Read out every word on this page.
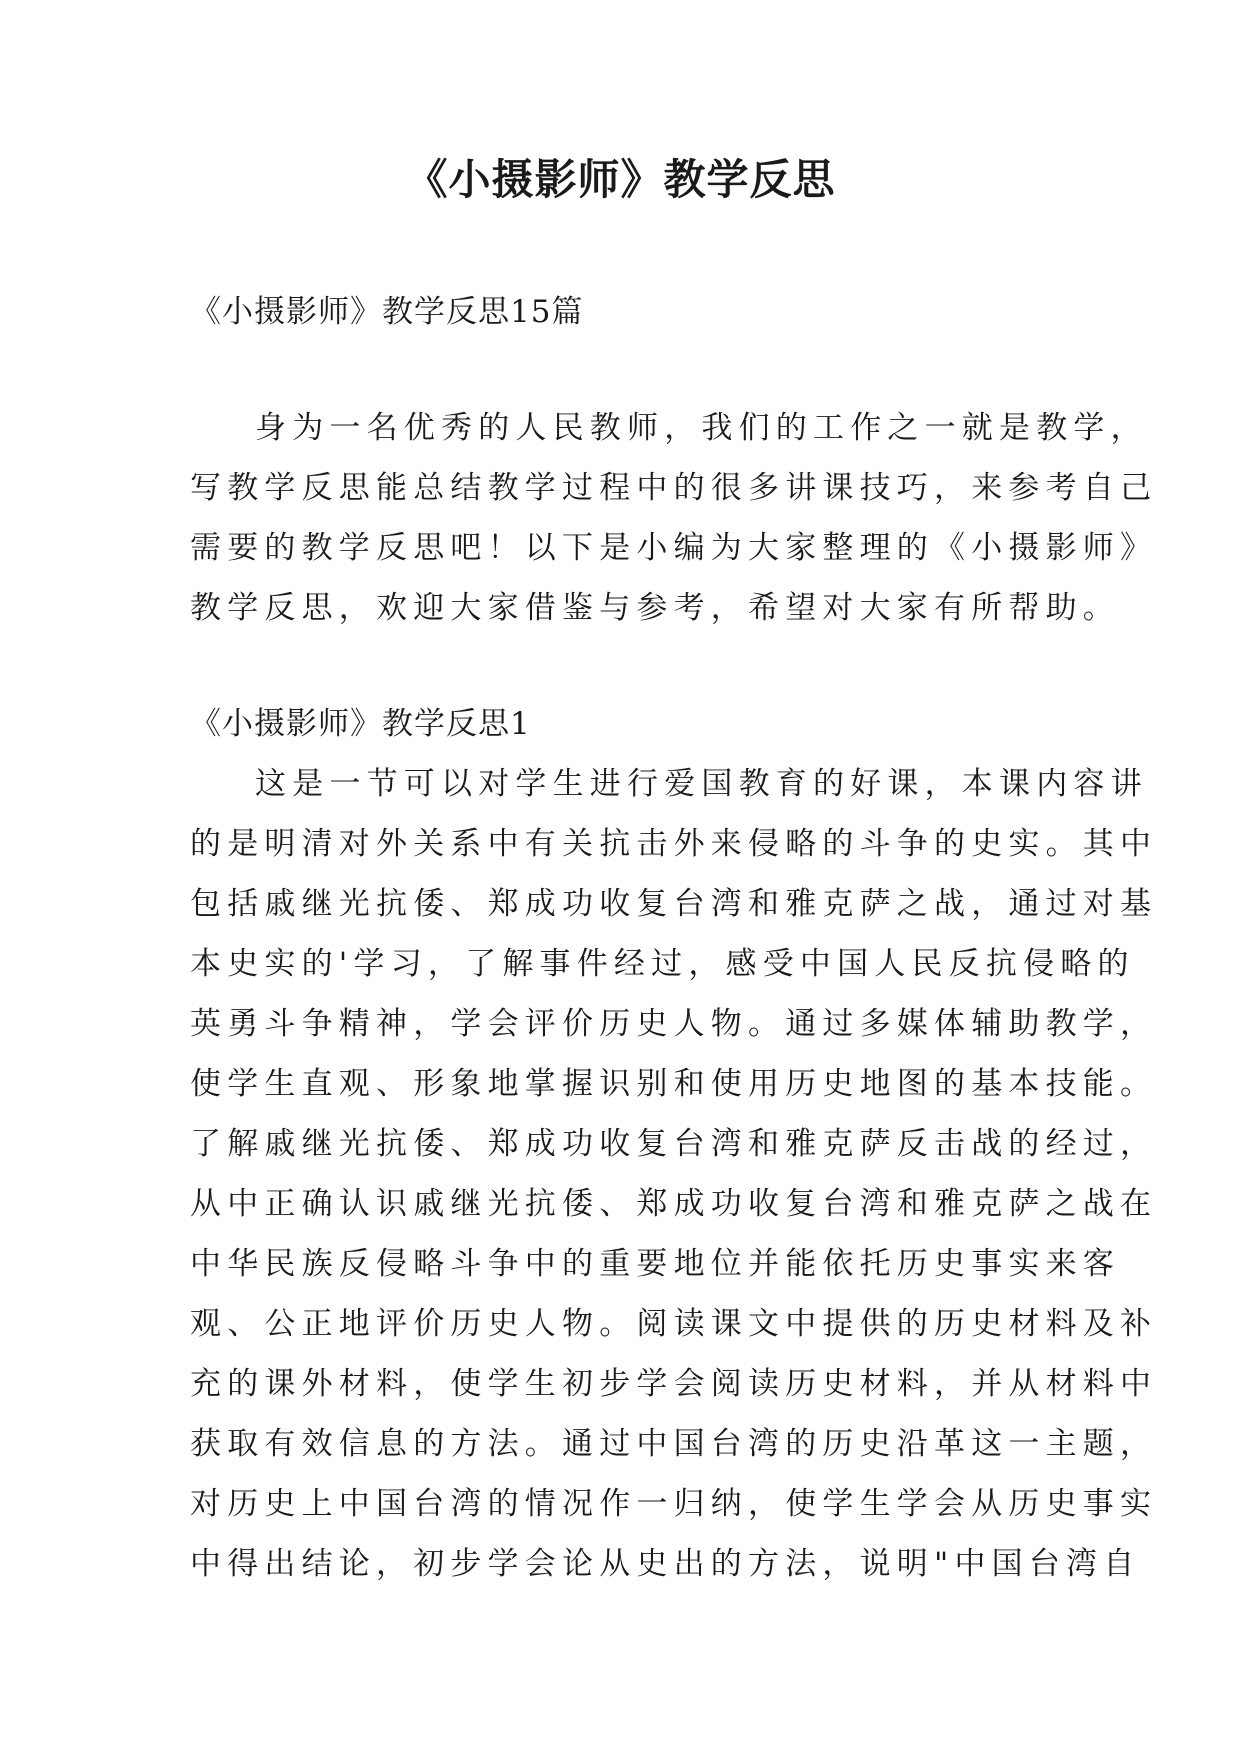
《小摄影师》教学反思

《小摄影师》教学反思15篇

身为一名优秀的人民教师，我们的工作之一就是教学，

写教学反思能总结教学过程中的很多讲课技巧，来参考自己

需要的教学反思吧！以下是小编为大家整理的《小摄影师》

教学反思，欢迎大家借鉴与参考，希望对大家有所帮助。

《小摄影师》教学反思1

这是一节可以对学生进行爱国教育的好课，本课内容讲

的是明清对外关系中有关抗击外来侵略的斗争的史实。其中

包括戚继光抗倭、郑成功收复台湾和雅克萨之战，通过对基

本史实的'学习，了解事件经过，感受中国人民反抗侵略的

英勇斗争精神，学会评价历史人物。通过多媒体辅助教学，

使学生直观、形象地掌握识别和使用历史地图的基本技能。

了解戚继光抗倭、郑成功收复台湾和雅克萨反击战的经过，

从中正确认识戚继光抗倭、郑成功收复台湾和雅克萨之战在

中华民族反侵略斗争中的重要地位并能依托历史事实来客

观、公正地评价历史人物。阅读课文中提供的历史材料及补

充的课外材料，使学生初步学会阅读历史材料，并从材料中

获取有效信息的方法。通过中国台湾的历史沿革这一主题，

对历史上中国台湾的情况作一归纳，使学生学会从历史事实

中得出结论，初步学会论从史出的方法，说明"中国台湾自
